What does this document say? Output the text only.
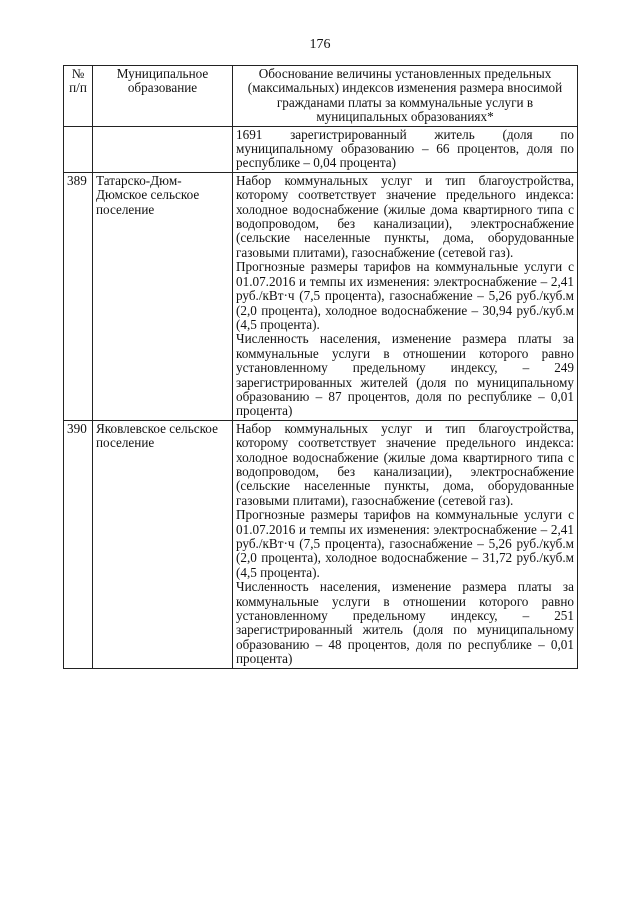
176
№ п/п	Муниципальное образование	Обоснование величины установленных предельных (максимальных) индексов изменения размера вносимой гражданами платы за коммунальные услуги в муниципальных образованиях*

		1691 зарегистрированный житель (доля по муниципальному образованию – 66 процентов, доля по республике – 0,04 процента)

389	Татарско-Дюм-Дюмское сельское поселение	Набор коммунальных услуг и тип благоустройства, которому соответствует значение предельного индекса: холодное водоснабжение (жилые дома квартирного типа с водопроводом, без канализации), электроснабжение (сельские населенные пункты, дома, оборудованные газовыми плитами), газоснабжение (сетевой газ).

Прогнозные размеры тарифов на коммунальные услуги с 01.07.2016 и темпы их изменения: электроснабжение – 2,41 руб./кВт·ч (7,5 процента), газоснабжение – 5,26 руб./куб.м (2,0 процента), холодное водоснабжение – 30,94 руб./куб.м (4,5 процента).

Численность населения, изменение размера платы за коммунальные услуги в отношении которого равно установленному предельному индексу, – 249 зарегистрированных жителей (доля по муниципальному образованию – 87 процентов, доля по республике – 0,01 процента)

390	Яковлевское сельское поселение	Набор коммунальных услуг и тип благоустройства, которому соответствует значение предельного индекса: холодное водоснабжение (жилые дома квартирного типа с водопроводом, без канализации), электроснабжение (сельские населенные пункты, дома, оборудованные газовыми плитами), газоснабжение (сетевой газ).

Прогнозные размеры тарифов на коммунальные услуги с 01.07.2016 и темпы их изменения: электроснабжение – 2,41 руб./кВт·ч (7,5 процента), газоснабжение – 5,26 руб./куб.м (2,0 процента), холодное водоснабжение – 31,72 руб./куб.м (4,5 процента).

Численность населения, изменение размера платы за коммунальные услуги в отношении которого равно установленному предельному индексу, – 251 зарегистрированный житель (доля по муниципальному образованию – 48 процентов, доля по республике – 0,01 процента)
